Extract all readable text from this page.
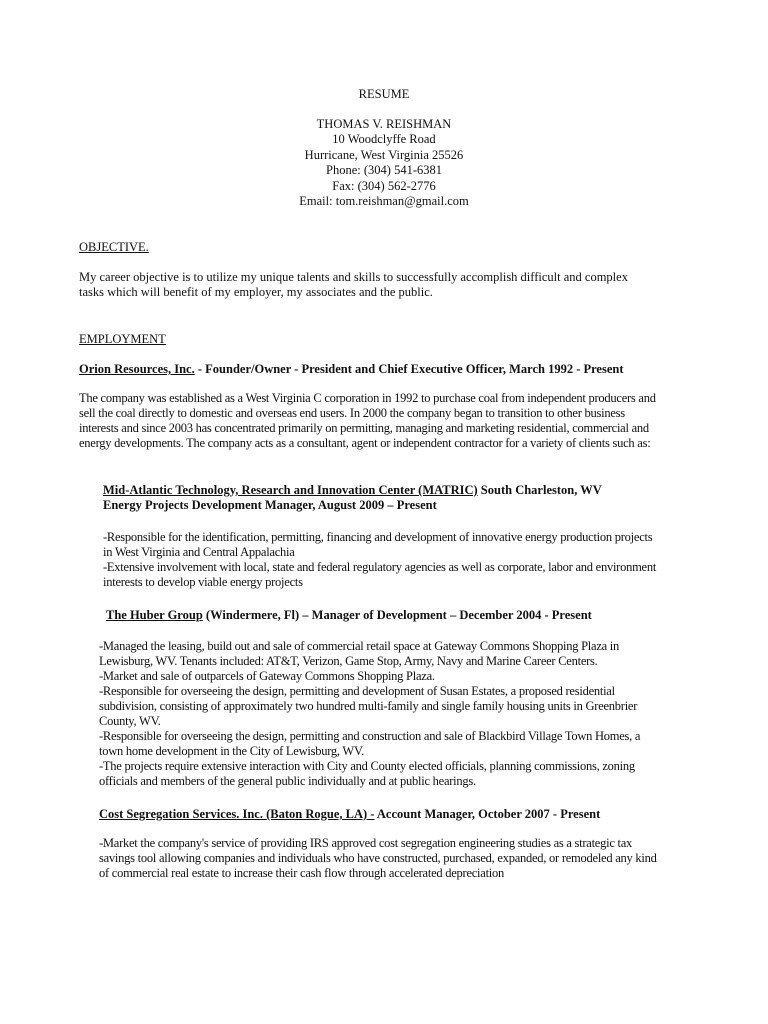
RESUME
THOMAS V. REISHMAN
10 Woodclyffe Road
Hurricane, West Virginia 25526
Phone: (304) 541-6381
Fax: (304) 562-2776
Email: tom.reishman@gmail.com
OBJECTIVE.
My career objective is to utilize my unique talents and skills to successfully accomplish difficult and complex
tasks which will benefit of my employer, my associates and the public.
EMPLOYMENT
Orion Resources, Inc. - Founder/Owner - President and Chief Executive Officer, March 1992 - Present
The company was established as a West Virginia C corporation in 1992 to purchase coal from independent producers and
sell the coal directly to domestic and overseas end users. In 2000 the company began to transition to other business
interests and since 2003 has concentrated primarily on permitting, managing and marketing residential, commercial and
energy developments. The company acts as a consultant, agent or independent contractor for a variety of clients such as:
Mid-Atlantic Technology, Research and Innovation Center (MATRIC) South Charleston, WV
Energy Projects Development Manager, August 2009 – Present
-Responsible for the identification, permitting, financing and development of innovative energy production projects
in West Virginia and Central Appalachia
-Extensive involvement with local, state and federal regulatory agencies as well as corporate, labor and environment
interests to develop viable energy projects
The Huber Group (Windermere, Fl) – Manager of Development – December 2004 - Present
-Managed the leasing, build out and sale of commercial retail space at Gateway Commons Shopping Plaza in
Lewisburg, WV. Tenants included: AT&T, Verizon, Game Stop, Army, Navy and Marine Career Centers.
-Market and sale of outparcels of Gateway Commons Shopping Plaza.
-Responsible for overseeing the design, permitting and development of Susan Estates, a proposed residential
subdivision, consisting of approximately two hundred multi-family and single family housing units in Greenbrier
County, WV.
-Responsible for overseeing the design, permitting and construction and sale of Blackbird Village Town Homes, a
town home development in the City of Lewisburg, WV.
-The projects require extensive interaction with City and County elected officials, planning commissions, zoning
officials and members of the general public individually and at public hearings.
Cost Segregation Services. Inc. (Baton Rogue, LA) - Account Manager, October 2007 - Present
-Market the company's service of providing IRS approved cost segregation engineering studies as a strategic tax
savings tool allowing companies and individuals who have constructed, purchased, expanded, or remodeled any kind
of commercial real estate to increase their cash flow through accelerated depreciation
